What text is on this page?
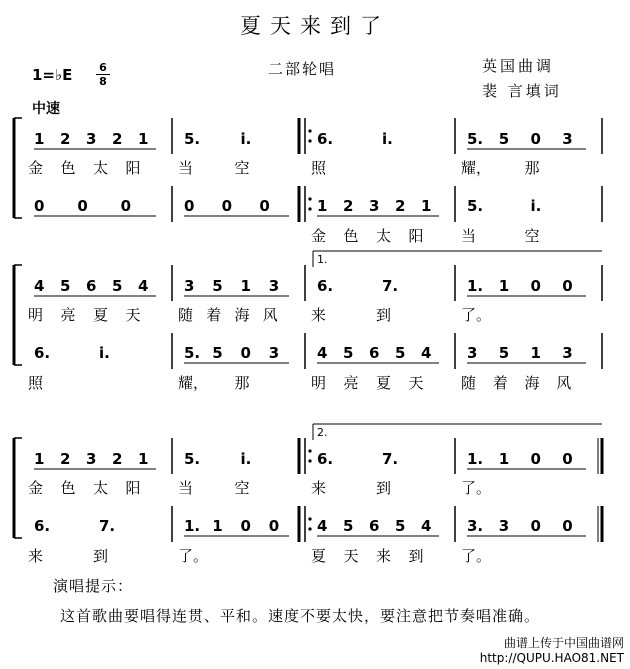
夏天来到了
二部轮唱	英国曲调
裴 言填词
1=♭E 6
8
中速
1 2 3 2 1
金 色 太 阳
5.	i.
当	空
6.	i.
照
5. 5 0 3
耀， 那
0 0 0	0 0 0	1 2 3 2 1
金 色 太 阳
5.	i.
当	空
1.
4 5 6 5 4
明 亮 夏 天
3 5 1 3
随 着 海 风
6.	7.
来	到
1. 1 0 0
了。
6.	i.
照
5. 5 0 3
耀， 那
4 5 6 5 4
明 亮 夏 天
3 5 1 3
随 着 海 风
2.
1 2 3 2 1
金 色 太 阳
5.	i.
当	空
6.	7.
来	到
1. 1 0 0
了。
6.	7.
来	到
1. 1 0 0
了。
4 5 6 5 4
夏 天 来 到
3. 3 0 0
了。
演唱提示：
这首歌曲要唱得连贯、平和。速度不要太快，要注意把节奏唱准确。
曲谱上传于中国曲谱网
http://QUPU.HAO81.NET
